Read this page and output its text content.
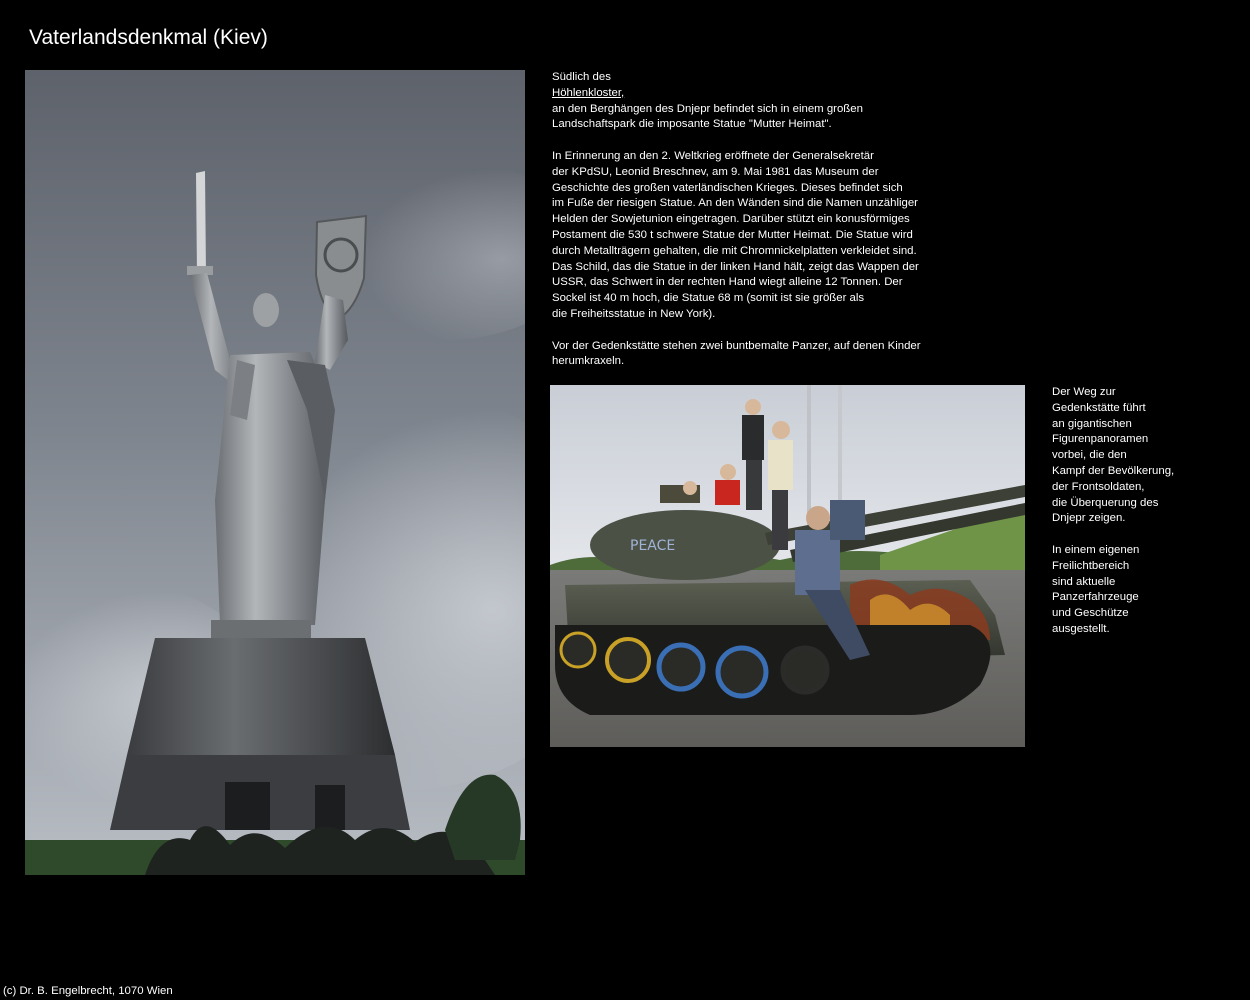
Vaterlandsdenkmal (Kiev)
Südlich des
Höhlenkloster,
an den Berghängen des Dnjepr befindet sich in einem großen
Landschaftspark die imposante Statue "Mutter Heimat".
In Erinnerung an den 2. Weltkrieg eröffnete der Generalsekretär
der KPdSU, Leonid Breschnev, am 9. Mai 1981 das Museum der
Geschichte des großen vaterländischen Krieges. Dieses befindet sich
im Fuße der riesigen Statue. An den Wänden sind die Namen unzähliger
Helden der Sowjetunion eingetragen. Darüber stützt ein konusförmiges
Postament die 530 t schwere Statue der Mutter Heimat. Die Statue wird
durch Metallträgern gehalten, die mit Chromnickelplatten verkleidet sind.
Das Schild, das die Statue in der linken Hand hält, zeigt das Wappen der
USSR, das Schwert in der rechten Hand wiegt alleine 12 Tonnen. Der
Sockel ist 40 m hoch, die Statue 68 m (somit ist sie größer als
die Freiheitsstatue in New York).
Vor der Gedenkstätte stehen zwei buntbemalte Panzer, auf denen Kinder
herumkraxeln.
PEACE
Der Weg zur
Gedenkstätte führt
an gigantischen
Figurenpanoramen
vorbei, die den
Kampf der Bevölkerung,
der Frontsoldaten,
die Überquerung des
Dnjepr zeigen.
In einem eigenen
Freilichtbereich
sind aktuelle
Panzerfahrzeuge
und Geschütze
ausgestellt.
(c) Dr. B. Engelbrecht, 1070 Wien
